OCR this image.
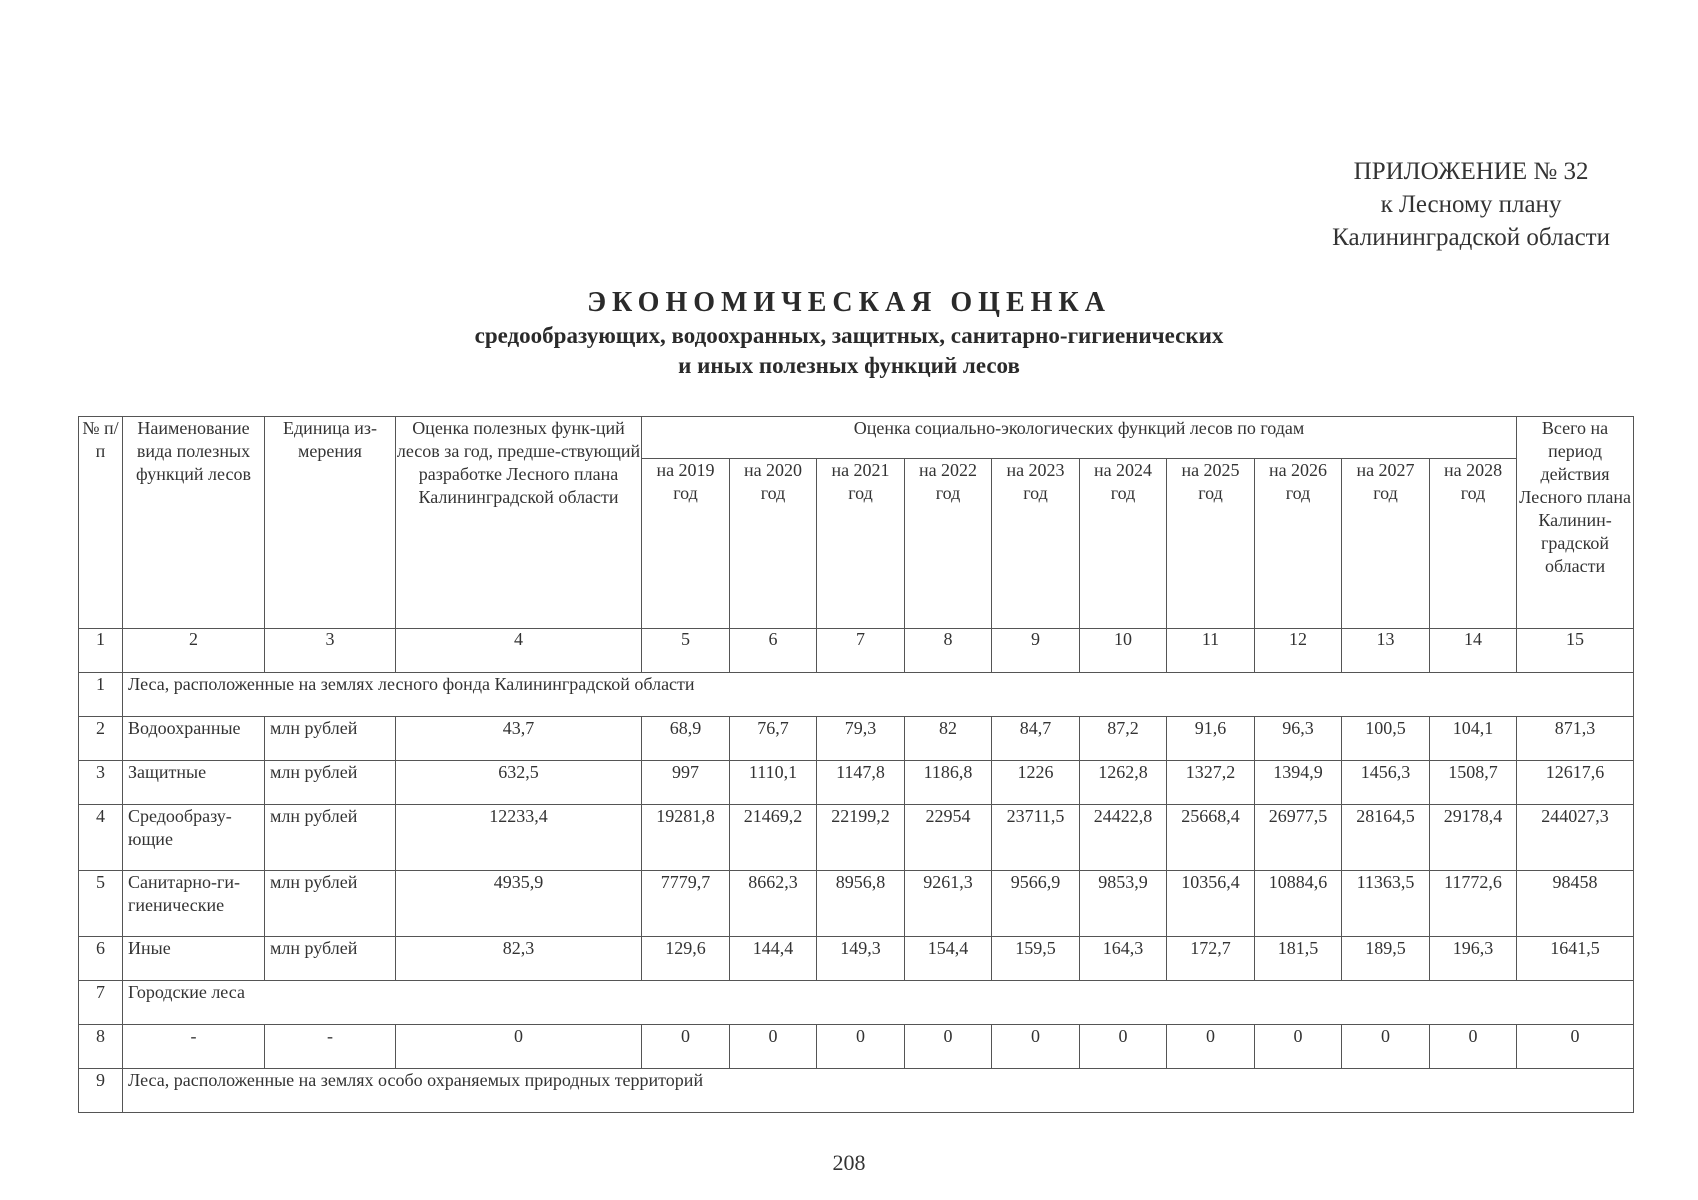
ПРИЛОЖЕНИЕ № 32
к Лесному плану
Калининградской области
ЭКОНОМИЧЕСКАЯ ОЦЕНКА
средообразующих, водоохранных, защитных, санитарно-гигиенических
и иных полезных функций лесов
№ п/п	Наименование вида полезных функций лесов	Единица из-мерения	Оценка полезных функ-ций лесов за год, предше-ствующий разработке Лесного плана Калининградской области	Оценка социально-экологических функций лесов по годам										Всего на период действия Лесного плана Калинин-градской области
				на 2019 год	на 2020 год	на 2021 год	на 2022 год	на 2023 год	на 2024 год	на 2025 год	на 2026 год	на 2027 год	на 2028 год	
1	2	3	4	5	6	7	8	9	10	11	12	13	14	15
1	Леса, расположенные на землях лесного фонда Калининградской области													
2	Водоохранные	млн рублей	43,7	68,9	76,7	79,3	82	84,7	87,2	91,6	96,3	100,5	104,1	871,3
3	Защитные	млн рублей	632,5	997	1110,1	1147,8	1186,8	1226	1262,8	1327,2	1394,9	1456,3	1508,7	12617,6
4	Средообразу-ющие	млн рублей	12233,4	19281,8	21469,2	22199,2	22954	23711,5	24422,8	25668,4	26977,5	28164,5	29178,4	244027,3
5	Санитарно-ги-гиенические	млн рублей	4935,9	7779,7	8662,3	8956,8	9261,3	9566,9	9853,9	10356,4	10884,6	11363,5	11772,6	98458
6	Иные	млн рублей	82,3	129,6	144,4	149,3	154,4	159,5	164,3	172,7	181,5	189,5	196,3	1641,5
7	Городские леса													
8	-	-	0	0	0	0	0	0	0	0	0	0	0	0
9	Леса, расположенные на землях особо охраняемых природных территорий													
208
